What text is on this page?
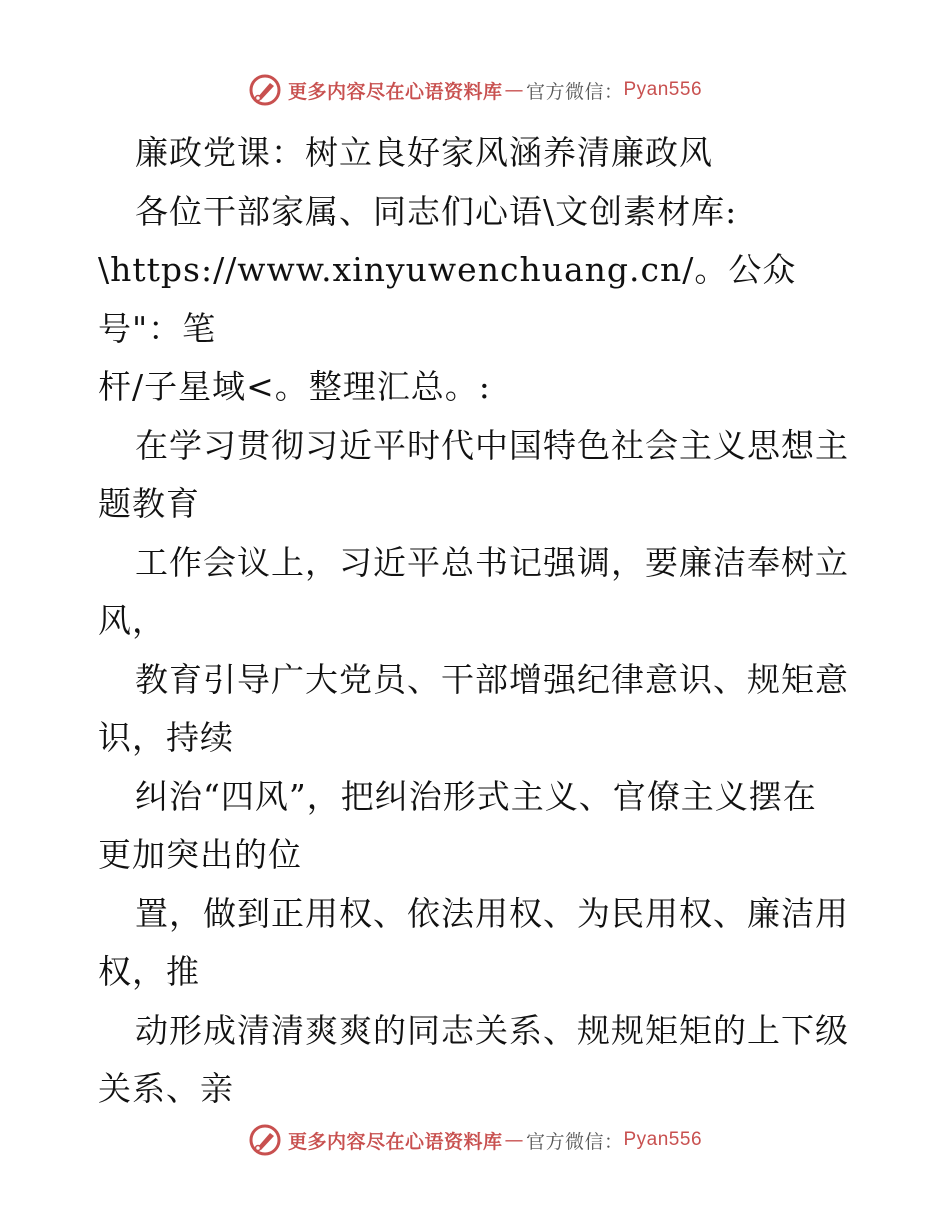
更多内容尽在心语资料库 — 官方微信： Pyan556

廉政党课：树立良好家风涵养清廉政风

各位干部家属、同志们心语\文创素材库:

\https://www.xinyuwenchuang.cn/。公众号"：笔

杆/子星域<。整理汇总。:

在学习贯彻习近平时代中国特色社会主义思想主

题教育

工作会议上，习近平总书记强调，要廉洁奉树立

风，

教育引导广大党员、干部增强纪律意识、规矩意

识，持续

纠治“四风”，把纠治形式主义、官僚主义摆在

更加突出的位

置，做到正用权、依法用权、为民用权、廉洁用

权，推

动形成清清爽爽的同志关系、规规矩矩的上下级

关系、亲

更多内容尽在心语资料库 — 官方微信： Pyan556
